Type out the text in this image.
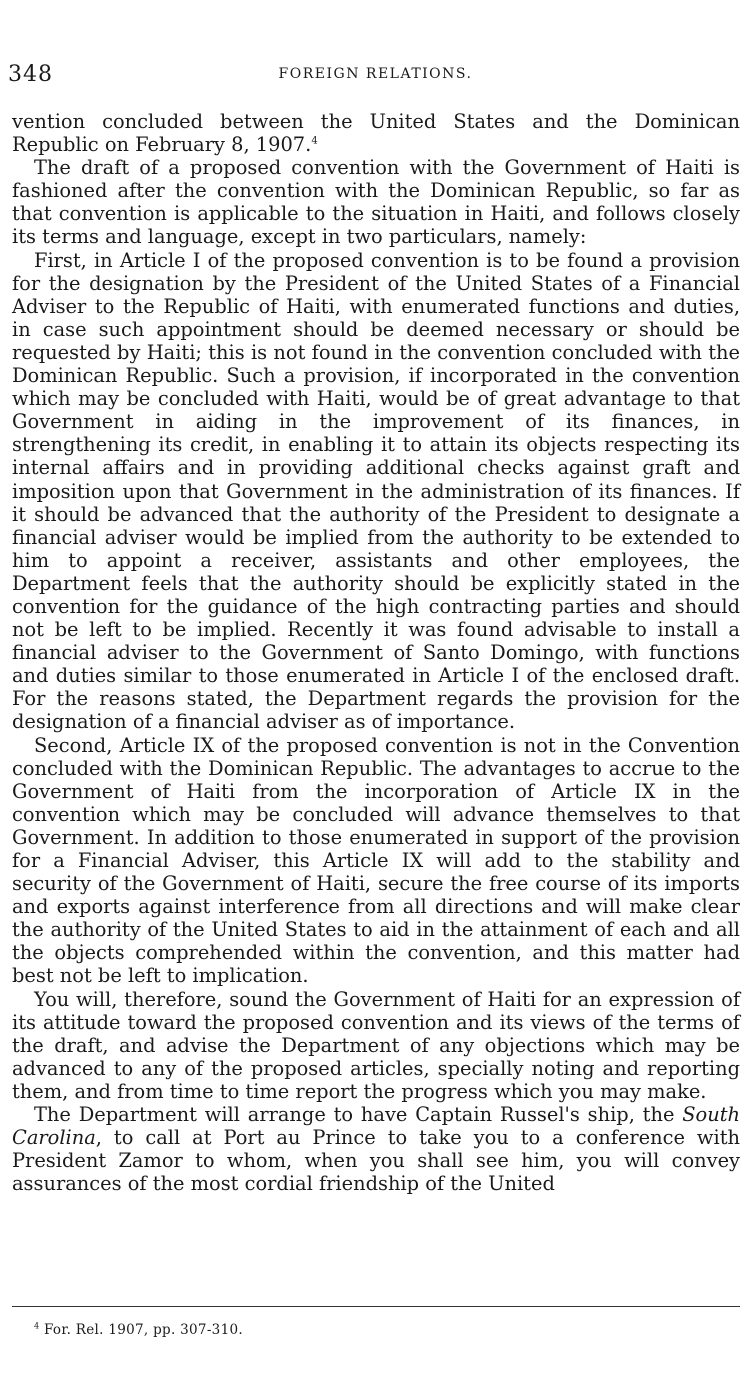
348	FOREIGN RELATIONS.

vention concluded between the United States and the Dominican Republic on February 8, 1907.$^4$

The draft of a proposed convention with the Government of Haiti is fashioned after the convention with the Dominican Republic, so far as that convention is applicable to the situation in Haiti, and follows closely its terms and language, except in two particulars, namely:

First, in Article I of the proposed convention is to be found a provision for the designation by the President of the United States of a Financial Adviser to the Republic of Haiti, with enumerated functions and duties, in case such appointment should be deemed necessary or should be requested by Haiti; this is not found in the convention concluded with the Dominican Republic. Such a provision, if incorporated in the convention which may be concluded with Haiti, would be of great advantage to that Government in aiding in the improvement of its finances, in strengthening its credit, in enabling it to attain its objects respecting its internal affairs and in providing additional checks against graft and imposition upon that Government in the administration of its finances. If it should be advanced that the authority of the President to designate a financial adviser would be implied from the authority to be extended to him to appoint a receiver, assistants and other employees, the Department feels that the authority should be explicitly stated in the convention for the guidance of the high contracting parties and should not be left to be implied. Recently it was found advisable to install a financial adviser to the Government of Santo Domingo, with functions and duties similar to those enumerated in Article I of the enclosed draft. For the reasons stated, the Department regards the provision for the designation of a financial adviser as of importance.

Second, Article IX of the proposed convention is not in the Convention concluded with the Dominican Republic. The advantages to accrue to the Government of Haiti from the incorporation of Article IX in the convention which may be concluded will advance themselves to that Government. In addition to those enumerated in support of the provision for a Financial Adviser, this Article IX will add to the stability and security of the Government of Haiti, secure the free course of its imports and exports against interference from all directions and will make clear the authority of the United States to aid in the attainment of each and all the objects comprehended within the convention, and this matter had best not be left to implication.

You will, therefore, sound the Government of Haiti for an expression of its attitude toward the proposed convention and its views of the terms of the draft, and advise the Department of any objections which may be advanced to any of the proposed articles, specially noting and reporting them, and from time to time report the progress which you may make.

The Department will arrange to have Captain Russel's ship, the South Carolina, to call at Port au Prince to take you to a conference with President Zamor to whom, when you shall see him, you will convey assurances of the most cordial friendship of the United

$^4$ For. Rel. 1907, pp. 307-310.
